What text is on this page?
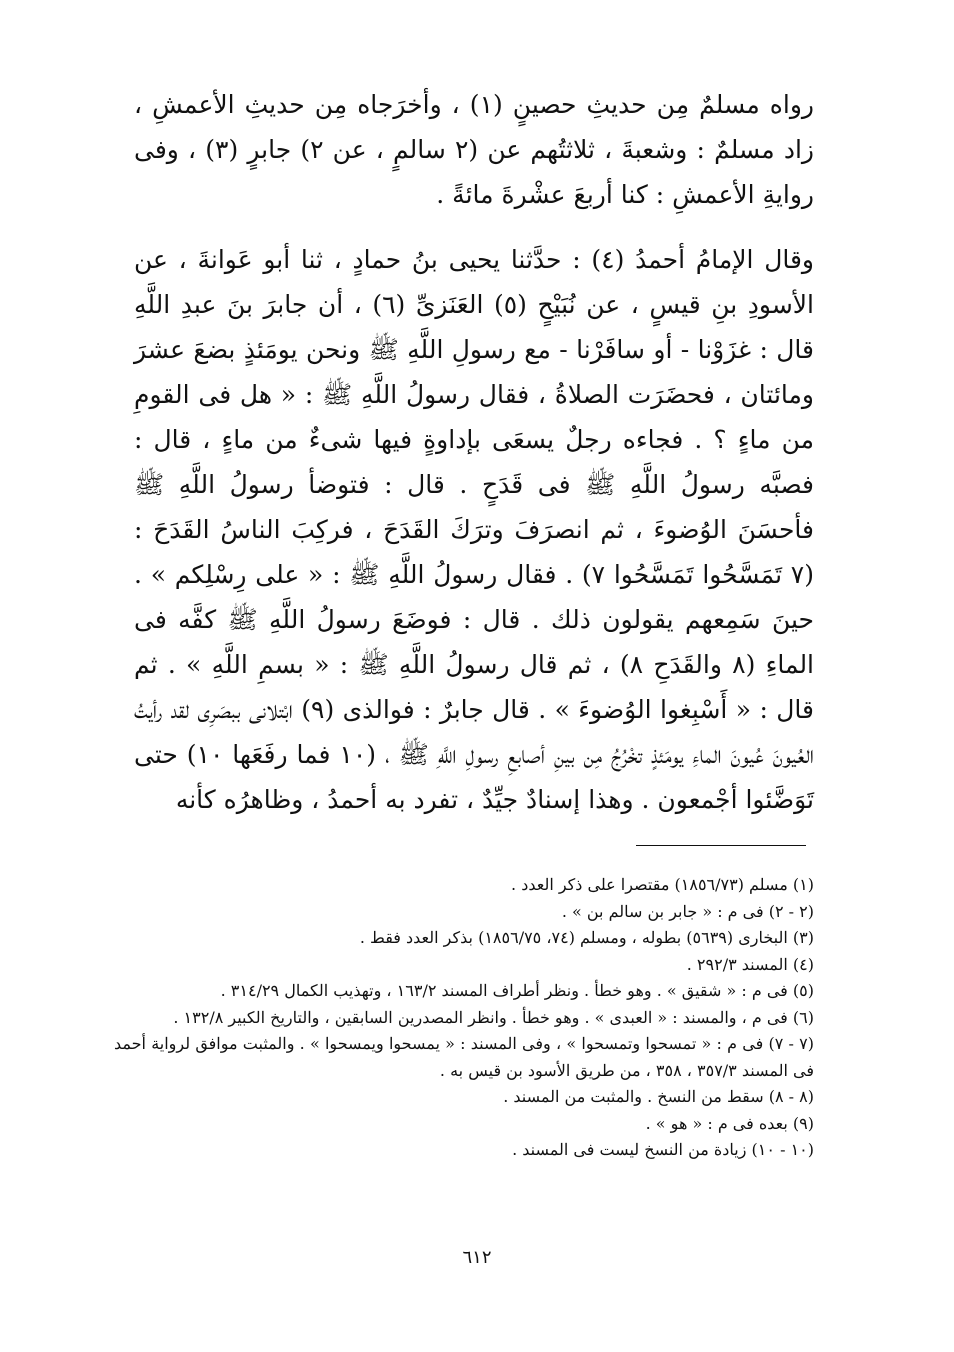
رواه مسلمٌ مِن حديثِ حصينٍ (١) ، وأخرَجاه مِن حديثِ الأعمشِ ، زاد مسلمٌ : وشعبةَ ، ثلاثتُهم عن (٢ سالمٍ ، عن ٢) جابرٍ (٣) ، وفى روايةِ الأعمشِ : كنا أربعَ عشْرةَ مائةً .

وقال الإمامُ أحمدُ (٤) : حدَّثنا يحيى بنُ حمادٍ ، ثنا أبو عَوانةَ ، عن الأسودِ بنِ قيسٍ ، عن نُبَيْحٍ (٥) العَنَزىِّ (٦) ، أن جابرَ بنَ عبدِ اللَّهِ قال : غزَوْنا - أو سافَرْنا - مع رسولِ اللَّهِ ﷺ ونحن يومَئذٍ بضعَ عشرَ ومائتان ، فحضَرَت الصلاةُ ، فقال رسولُ اللَّهِ ﷺ : « هل فى القومِ من ماءٍ ؟ . فجاءه رجلٌ يسعَى بإداوةٍ فيها شىءٌ من ماءٍ ، قال : فصبَّه رسولُ اللَّهِ ﷺ فى قَدَحٍ . قال : فتوضأ رسولُ اللَّهِ ﷺ فأحسَنَ الوُضوءَ ، ثم انصرَفَ وترَكَ القَدَحَ ، فركِبَ الناسُ القَدَحَ : (٧ تَمَسَّحُوا تَمَسَّحُوا ٧) . فقال رسولُ اللَّهِ ﷺ : « على رِسْلِكم » . حينَ سَمِعهم يقولون ذلك . قال : فوضَعَ رسولُ اللَّهِ ﷺ كفَّه فى الماءِ (٨ والقَدَحِ ٨) ، ثم قال رسولُ اللَّهِ ﷺ : « بسمِ اللَّهِ » . ثم قال : « أَسْبِغوا الوُضوءَ » . قال جابرٌ : فوالذى (٩) ابْتلانى ببصَرِى لقد رأيتُ العُيونَ عُيونَ الماءِ يومَئذٍ تخْرُجُ مِن بينِ أصابعِ رسولِ اللَّهِ ﷺ ، (١٠ فما رفَعَها ١٠) حتى تَوَضَّئوا أجْمعون . وهذا إسنادٌ جيِّدٌ ، تفرد به أحمدُ ، وظاهرُه كأنه

(١) مسلم (١٨٥٦/٧٣) مقتصرا على ذكر العدد .
(٢ - ٢) فى م : « جابر بن سالم بن » .
(٣) البخارى (٥٦٣٩) بطوله ، ومسلم (٧٤، ١٨٥٦/٧٥) بذكر العدد فقط .
(٤) المسند ٢٩٢/٣ .
(٥) فى م : « شقيق » . وهو خطأ . ونظر أطراف المسند ١٦٣/٢ ، وتهذيب الكمال ٣١٤/٢٩ .
(٦) فى م ، والمسند : « العبدى » . وهو خطأ . وانظر المصدرين السابقين ، والتاريخ الكبير ١٣٢/٨ .
(٧ - ٧) فى م : « تمسحوا وتمسحوا » ، وفى المسند : « يمسحوا ويمسحوا » . والمثبت موافق لرواية أحمد فى المسند ٣٥٧/٣ ، ٣٥٨ ، من طريق الأسود بن قيس به .
(٨ - ٨) سقط من النسخ . والمثبت من المسند .
(٩) بعده فى م : « هو » .
(١٠ - ١٠) زيادة من النسخ ليست فى المسند .
٦١٢
